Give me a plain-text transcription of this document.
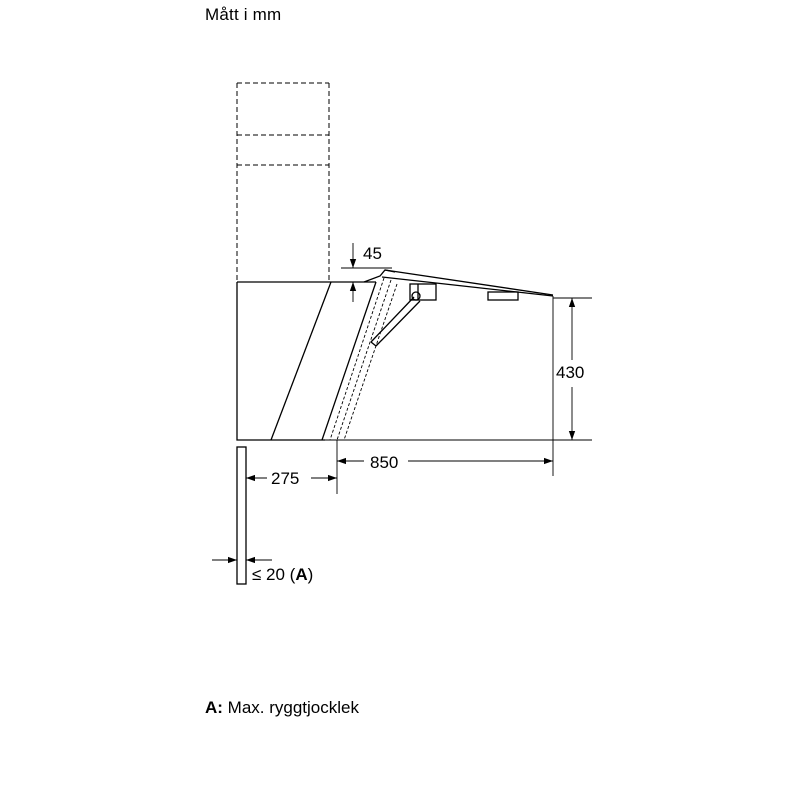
Mått i mm
45
430
850
275
≤ 20 (A)
A: Max. ryggtjocklek
